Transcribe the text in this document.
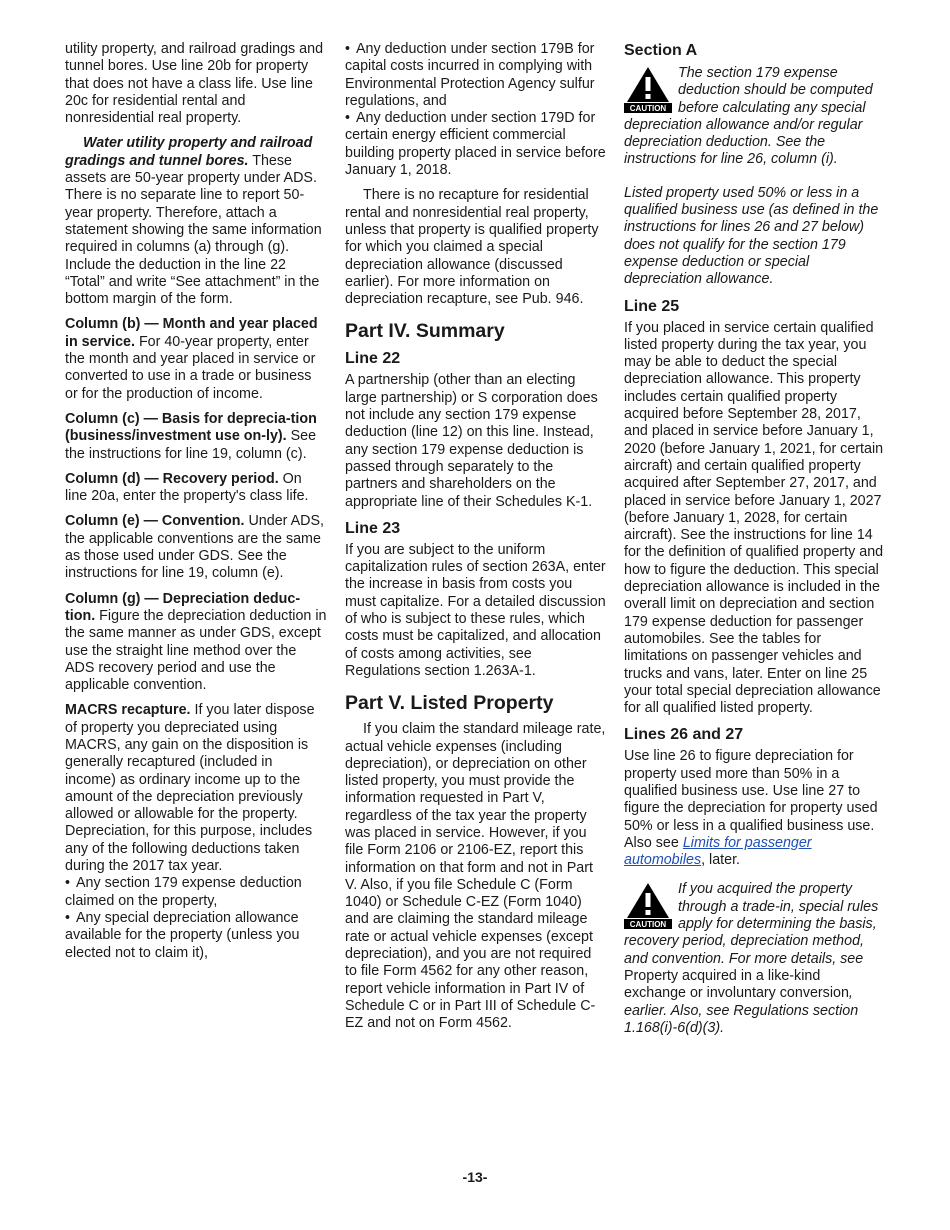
utility property, and railroad gradings and tunnel bores. Use line 20b for property that does not have a class life. Use line 20c for residential rental and nonresidential real property.

Water utility property and railroad gradings and tunnel bores. These assets are 50-year property under ADS. There is no separate line to report 50-year property. Therefore, attach a statement showing the same information required in columns (a) through (g). Include the deduction in the line 22 “Total” and write “See attachment” in the bottom margin of the form.

Column (b) — Month and year placed in service. For 40-year property, enter the month and year placed in service or converted to use in a trade or business or for the production of income.

Column (c) — Basis for deprecia-tion (business/investment use on-ly). See the instructions for line 19, column (c).

Column (d) — Recovery period. On line 20a, enter the property's class life.

Column (e) — Convention. Under ADS, the applicable conventions are the same as those used under GDS. See the instructions for line 19, column (e).

Column (g) — Depreciation deduc-tion. Figure the depreciation deduction in the same manner as under GDS, except use the straight line method over the ADS recovery period and use the applicable convention.

MACRS recapture. If you later dispose of property you depreciated using MACRS, any gain on the disposition is generally recaptured (included in income) as ordinary income up to the amount of the depreciation previously allowed or allowable for the property. Depreciation, for this purpose, includes any of the following deductions taken during the 2017 tax year.

• Any section 179 expense deduction claimed on the property,

• Any special depreciation allowance available for the property (unless you elected not to claim it),

• Any deduction under section 179B for capital costs incurred in complying with Environmental Protection Agency sulfur regulations, and

• Any deduction under section 179D for certain energy efficient commercial building property placed in service before January 1, 2018.

There is no recapture for residential rental and nonresidential real property, unless that property is qualified property for which you claimed a special depreciation allowance (discussed earlier). For more information on depreciation recapture, see Pub. 946.

Part IV. Summary
Line 22

A partnership (other than an electing large partnership) or S corporation does not include any section 179 expense deduction (line 12) on this line. Instead, any section 179 expense deduction is passed through separately to the partners and shareholders on the appropriate line of their Schedules K-1.

Line 23

If you are subject to the uniform capitalization rules of section 263A, enter the increase in basis from costs you must capitalize. For a detailed discussion of who is subject to these rules, which costs must be capitalized, and allocation of costs among activities, see Regulations section 1.263A-1.

Part V. Listed Property

If you claim the standard mileage rate, actual vehicle expenses (including depreciation), or depreciation on other listed property, you must provide the information requested in Part V, regardless of the tax year the property was placed in service. However, if you file Form 2106 or 2106-EZ, report this information on that form and not in Part V. Also, if you file Schedule C (Form 1040) or Schedule C-EZ (Form 1040) and are claiming the standard mileage rate or actual vehicle expenses (except depreciation), and you are not required to file Form 4562 for any other reason, report vehicle information in Part IV of Schedule C or in Part III of Schedule C-EZ and not on Form 4562.

Section A
CAUTION

The section 179 expense deduction should be computed before calculating any special depreciation allowance and/or regular depreciation deduction. See the instructions for line 26, column (i).

Listed property used 50% or less in a qualified business use (as defined in the instructions for lines 26 and 27 below) does not qualify for the section 179 expense deduction or special depreciation allowance.

Line 25

If you placed in service certain qualified listed property during the tax year, you may be able to deduct the special depreciation allowance. This property includes certain qualified property acquired before September 28, 2017, and placed in service before January 1, 2020 (before January 1, 2021, for certain aircraft) and certain qualified property acquired after September 27, 2017, and placed in service before January 1, 2027 (before January 1, 2028, for certain aircraft). See the instructions for line 14 for the definition of qualified property and how to figure the deduction. This special depreciation allowance is included in the overall limit on depreciation and section 179 expense deduction for passenger automobiles. See the tables for limitations on passenger vehicles and trucks and vans, later. Enter on line 25 your total special depreciation allowance for all qualified listed property.

Lines 26 and 27

Use line 26 to figure depreciation for property used more than 50% in a qualified business use. Use line 27 to figure the depreciation for property used 50% or less in a qualified business use. Also see Limits for passenger automobiles, later.

CAUTION

If you acquired the property through a trade-in, special rules apply for determining the basis, recovery period, depreciation method, and convention. For more details, see Property acquired in a like-kind exchange or involuntary conversion, earlier. Also, see Regulations section 1.168(i)-6(d)(3).

-13-
